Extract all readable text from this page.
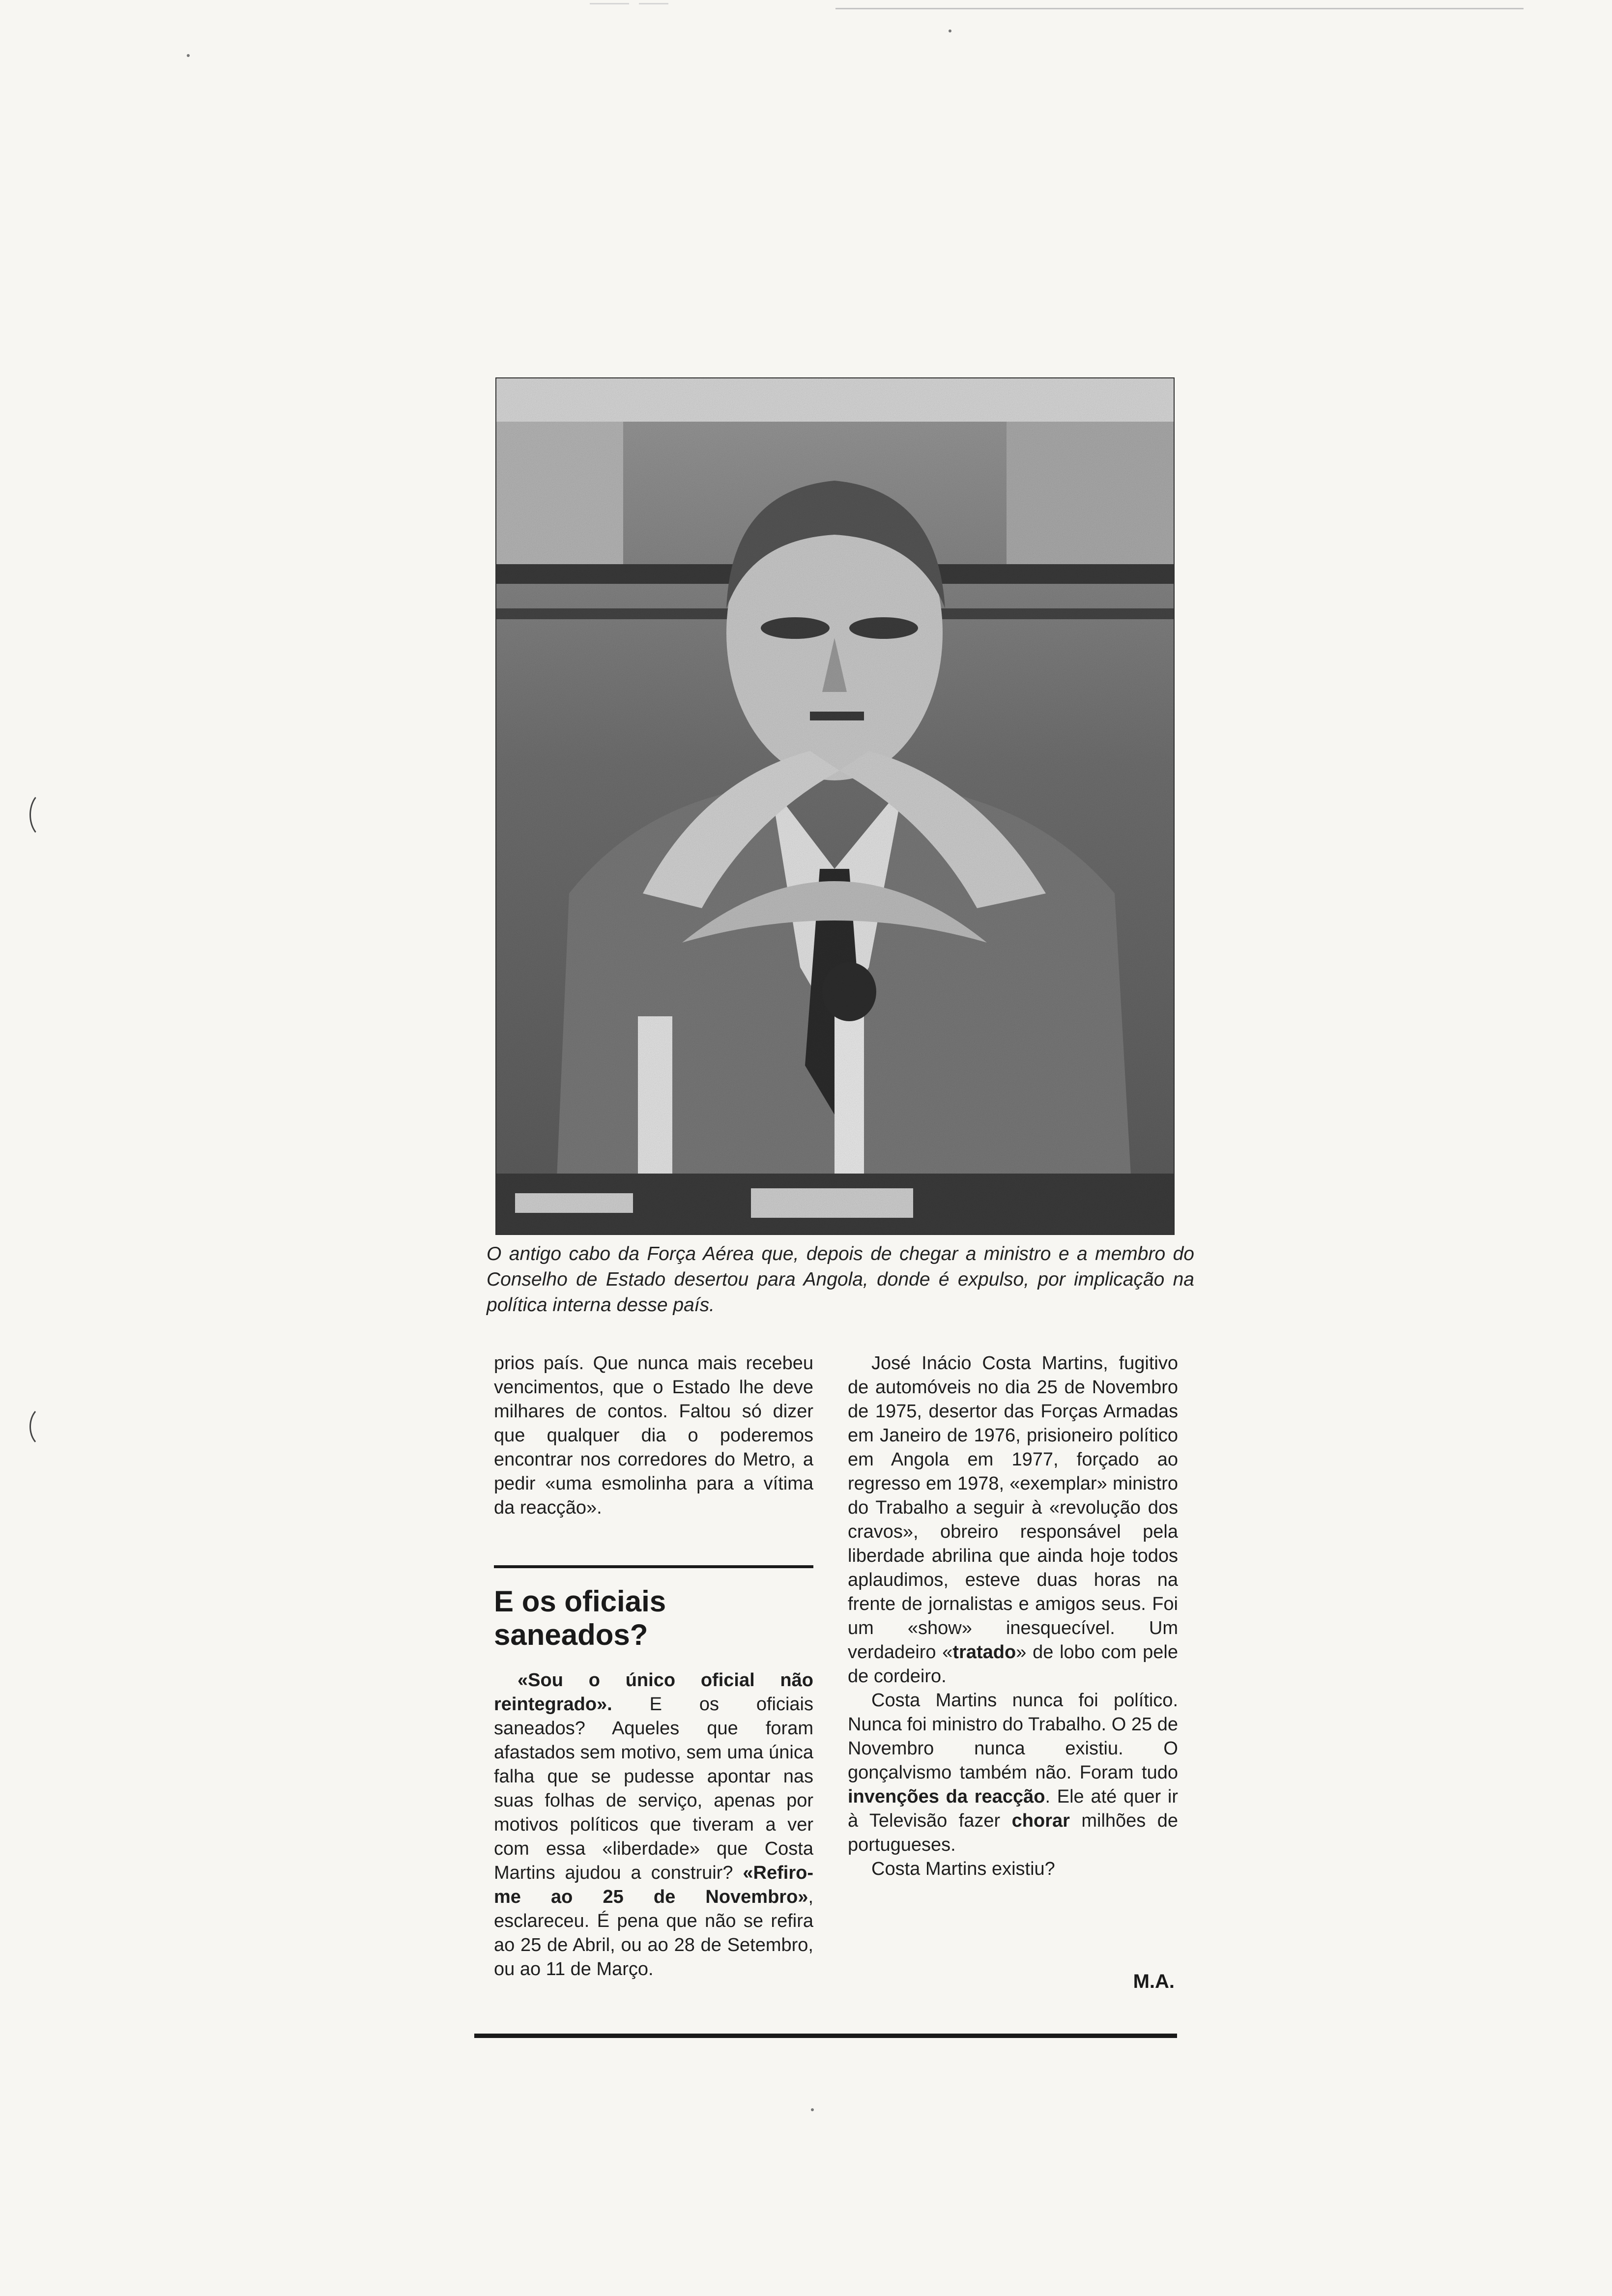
O antigo cabo da Força Aérea que, depois de chegar a ministro e a membro do Conselho de Estado desertou para Angola, donde é expulso, por implicação na política interna desse país.

prios país. Que nunca mais recebeu vencimentos, que o Estado lhe deve milhares de contos. Faltou só dizer que qualquer dia o poderemos encontrar nos corredores do Metro, a pedir «uma esmolinha para a vítima da reacção».

E os oficiais saneados?

«Sou o único oficial não reintegrado». E os oficiais saneados? Aqueles que foram afastados sem motivo, sem uma única falha que se pudesse apontar nas suas folhas de serviço, apenas por motivos políticos que tiveram a ver com essa «liberdade» que Costa Martins ajudou a construir? «Refiro-me ao 25 de Novembro», esclareceu. É pena que não se refira ao 25 de Abril, ou ao 28 de Setembro, ou ao 11 de Março.

José Inácio Costa Martins, fugitivo de automóveis no dia 25 de Novembro de 1975, desertor das Forças Armadas em Janeiro de 1976, prisioneiro político em Angola em 1977, forçado ao regresso em 1978, «exemplar» ministro do Trabalho a seguir à «revolução dos cravos», obreiro responsável pela liberdade abrilina que ainda hoje todos aplaudimos, esteve duas horas na frente de jornalistas e amigos seus. Foi um «show» inesquecível. Um verdadeiro «tratado» de lobo com pele de cordeiro.

Costa Martins nunca foi político. Nunca foi ministro do Trabalho. O 25 de Novembro nunca existiu. O gonçalvismo também não. Foram tudo invenções da reacção. Ele até quer ir à Televisão fazer chorar milhões de portugueses.

Costa Martins existiu?

M.A.
